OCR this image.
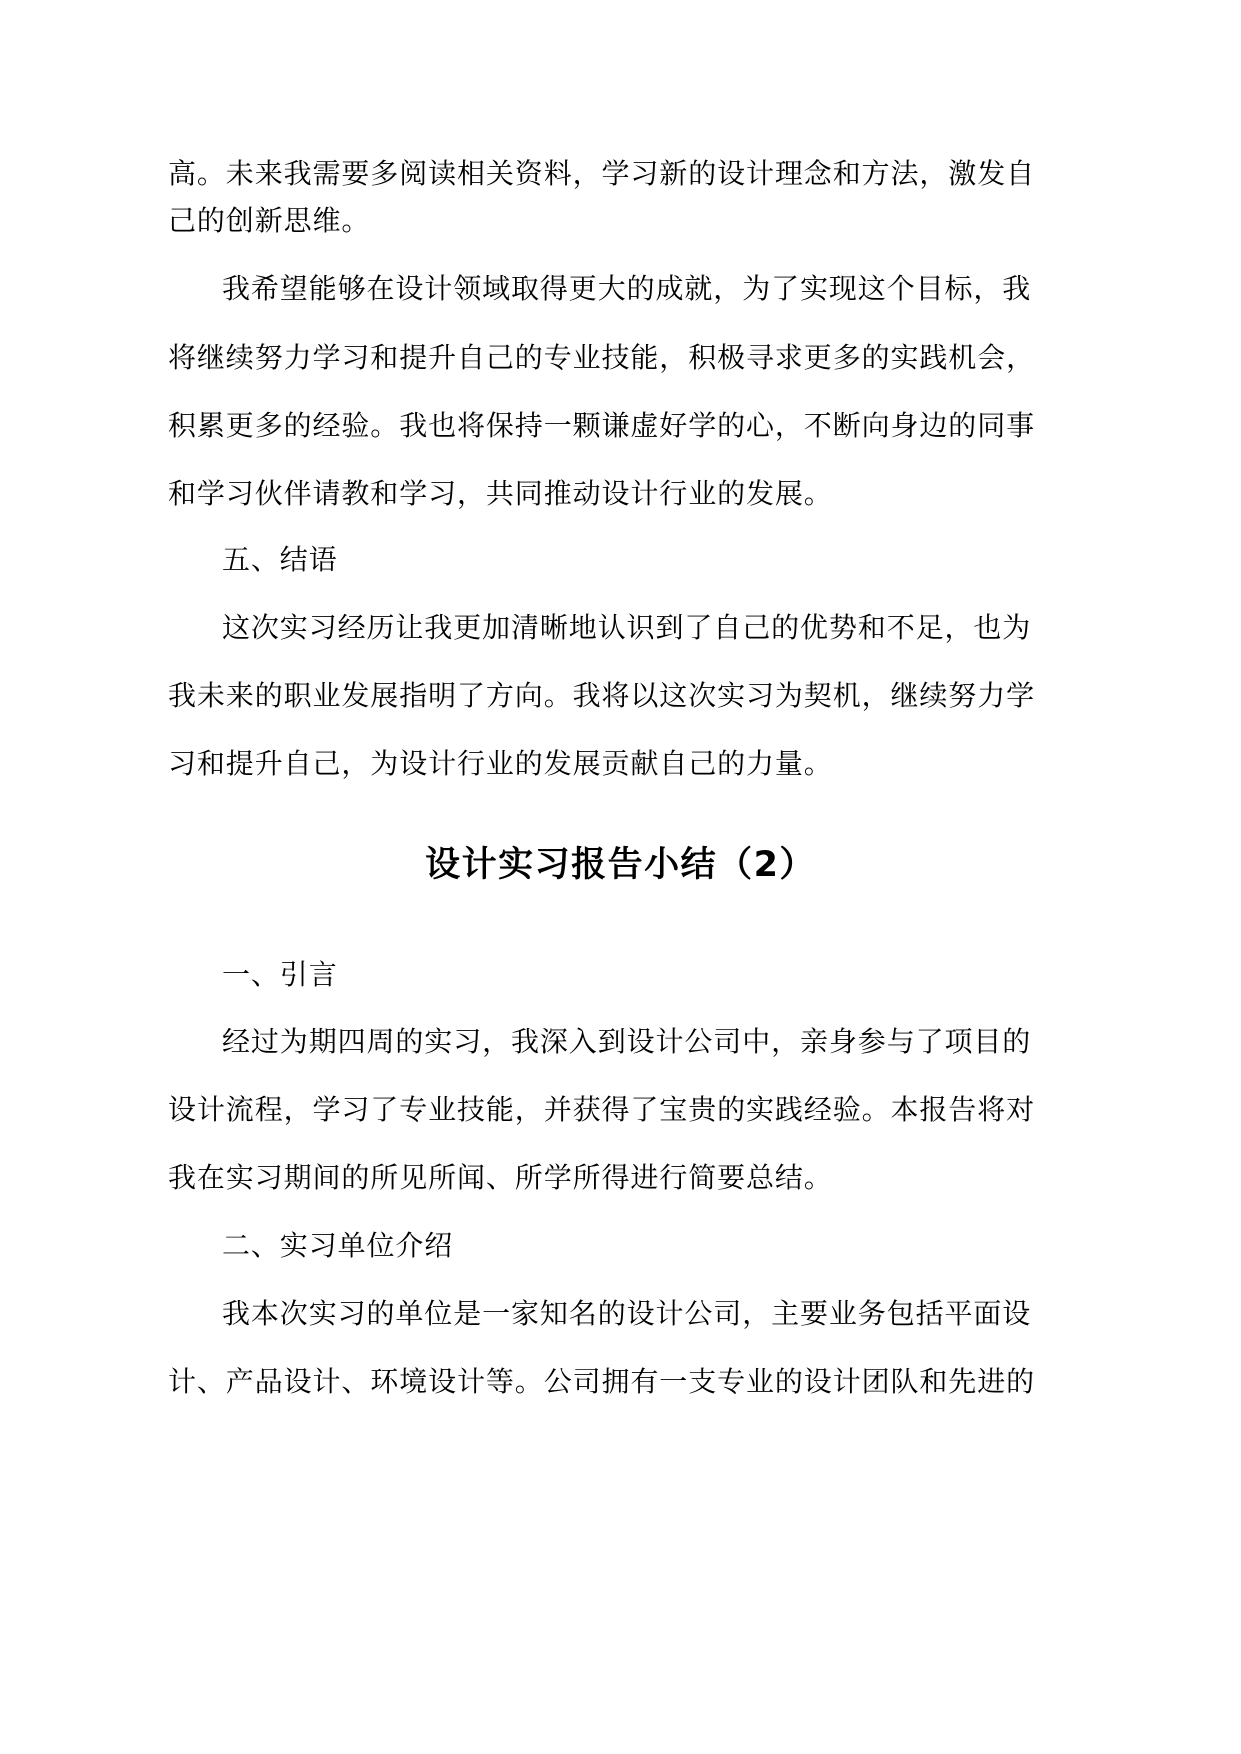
高。未来我需要多阅读相关资料，学习新的设计理念和方法，激发自

己的创新思维。

我希望能够在设计领域取得更大的成就，为了实现这个目标，我

将继续努力学习和提升自己的专业技能，积极寻求更多的实践机会，

积累更多的经验。我也将保持一颗谦虚好学的心，不断向身边的同事

和学习伙伴请教和学习，共同推动设计行业的发展。

五、结语

这次实习经历让我更加清晰地认识到了自己的优势和不足，也为

我未来的职业发展指明了方向。我将以这次实习为契机，继续努力学

习和提升自己，为设计行业的发展贡献自己的力量。

设计实习报告小结（2）

一、引言

经过为期四周的实习，我深入到设计公司中，亲身参与了项目的

设计流程，学习了专业技能，并获得了宝贵的实践经验。本报告将对

我在实习期间的所见所闻、所学所得进行简要总结。

二、实习单位介绍

我本次实习的单位是一家知名的设计公司，主要业务包括平面设

计、产品设计、环境设计等。公司拥有一支专业的设计团队和先进的
